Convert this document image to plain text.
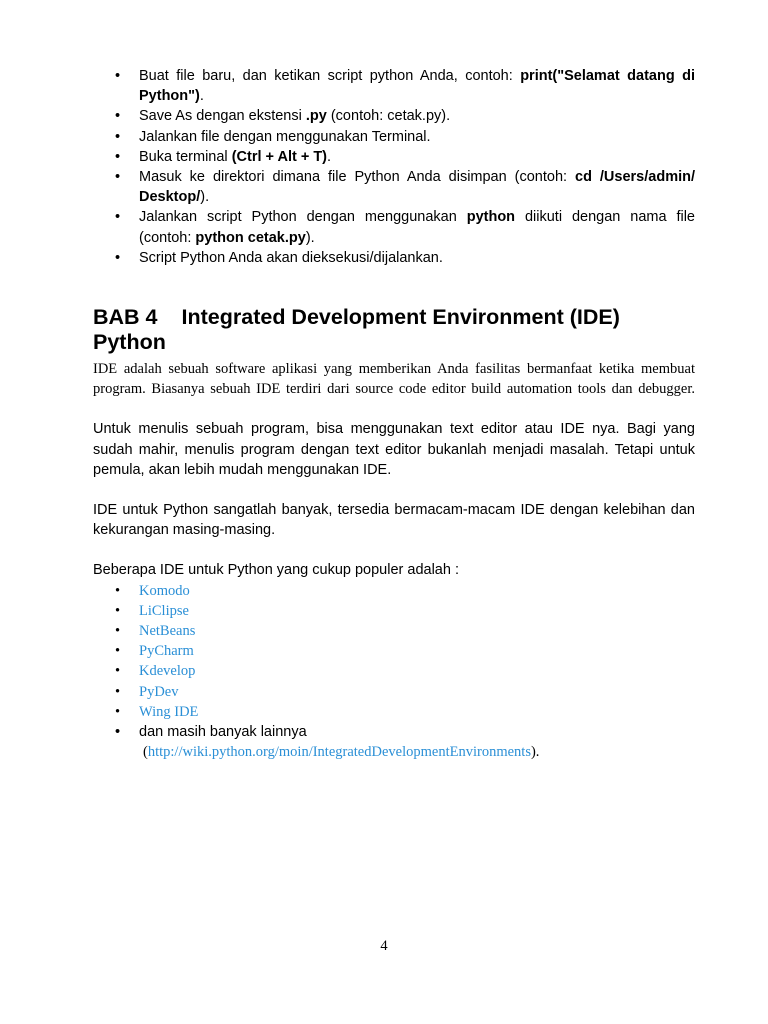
• Buat file baru, dan ketikan script python Anda, contoh: print("Selamat datang di Python").
• Save As dengan ekstensi .py (contoh: cetak.py).
• Jalankan file dengan menggunakan Terminal.
• Buka terminal (Ctrl + Alt + T).
• Masuk ke direktori dimana file Python Anda disimpan (contoh: cd /Users/admin/ Desktop/).
• Jalankan script Python dengan menggunakan python diikuti dengan nama file (contoh: python cetak.py).
• Script Python Anda akan dieksekusi/dijalankan.
BAB 4 Integrated Development Environment (IDE) Python

IDE adalah sebuah software aplikasi yang memberikan Anda fasilitas bermanfaat ketika membuat program. Biasanya sebuah IDE terdiri dari source code editor build automation tools dan debugger.

Untuk menulis sebuah program, bisa menggunakan text editor atau IDE nya. Bagi yang sudah mahir, menulis program dengan text editor bukanlah menjadi masalah. Tetapi untuk pemula, akan lebih mudah menggunakan IDE.

IDE untuk Python sangatlah banyak, tersedia bermacam-macam IDE dengan kelebihan dan kekurangan masing-masing.

Beberapa IDE untuk Python yang cukup populer adalah :

• Komodo
• LiClipse
• NetBeans
• PyCharm
• Kdevelop
• PyDev
• Wing IDE
• dan masih banyak lainnya
(http://wiki.python.org/moin/IntegratedDevelopmentEnvironments).
4
